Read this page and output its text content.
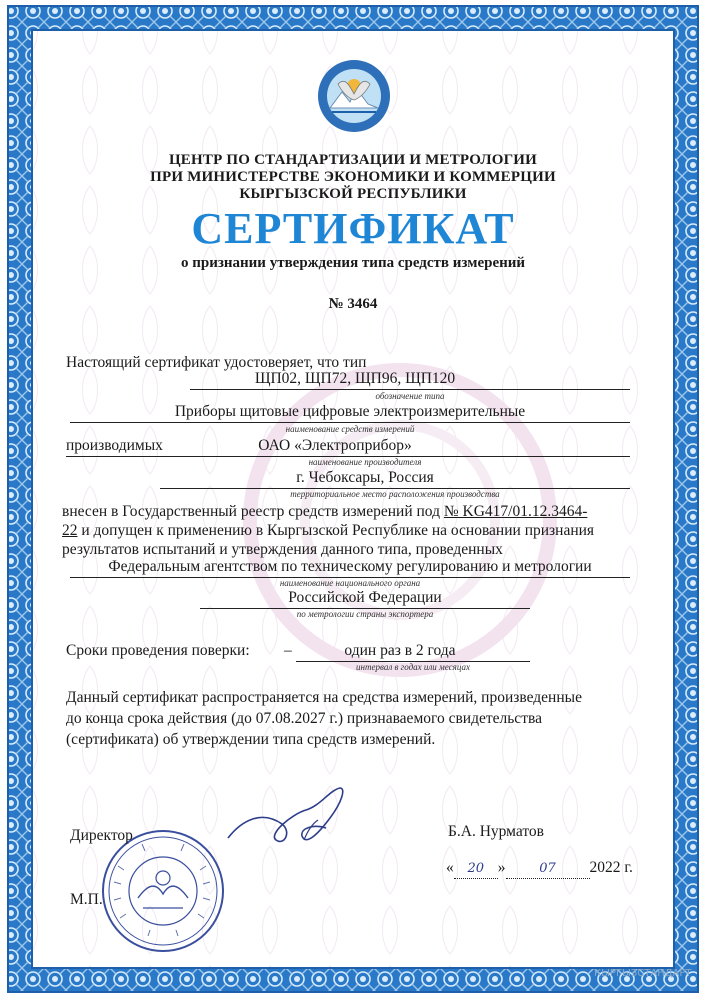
ЦЕНТР ПО СТАНДАРТИЗАЦИИ И МЕТРОЛОГИИ
ПРИ МИНИСТЕРСТВЕ ЭКОНОМИКИ И КОММЕРЦИИ
КЫРГЫЗСКОЙ РЕСПУБЛИКИ
СЕРТИФИКАТ
о признании утверждения типа средств измерений
№ 3464
Настоящий сертификат удостоверяет, что тип
ЩП02, ЩП72, ЩП96, ЩП120
обозначение типа
Приборы щитовые цифровые электроизмерительные
наименование средств измерений
производимых	ОАО «Электроприбор»
наименование производителя
г. Чебоксары, Россия
территориальное место расположения производства
внесен в Государственный реестр средств измерений под № KG417/01.12.3464-
22 и допущен к применению в Кыргызской Республике на основании признания
результатов испытаний и утверждения данного типа, проведенных
Федеральным агентством по техническому регулированию и метрологии
наименование национального органа
Российской Федерации
по метрологии страны экспортера
Сроки проведения поверки: –	один раз в 2 года
интервал в годах или месяцах
Данный сертификат распространяется на средства измерений, произведенные
до конца срока действия (до 07.08.2027 г.) признаваемого свидетельства
(сертификата) об утверждении типа средств измерений.
Директор
М.П.
Б.А. Нурматов
« 20 »	07 2022 г.
КЫРГЫЗСТАНДАРТ
